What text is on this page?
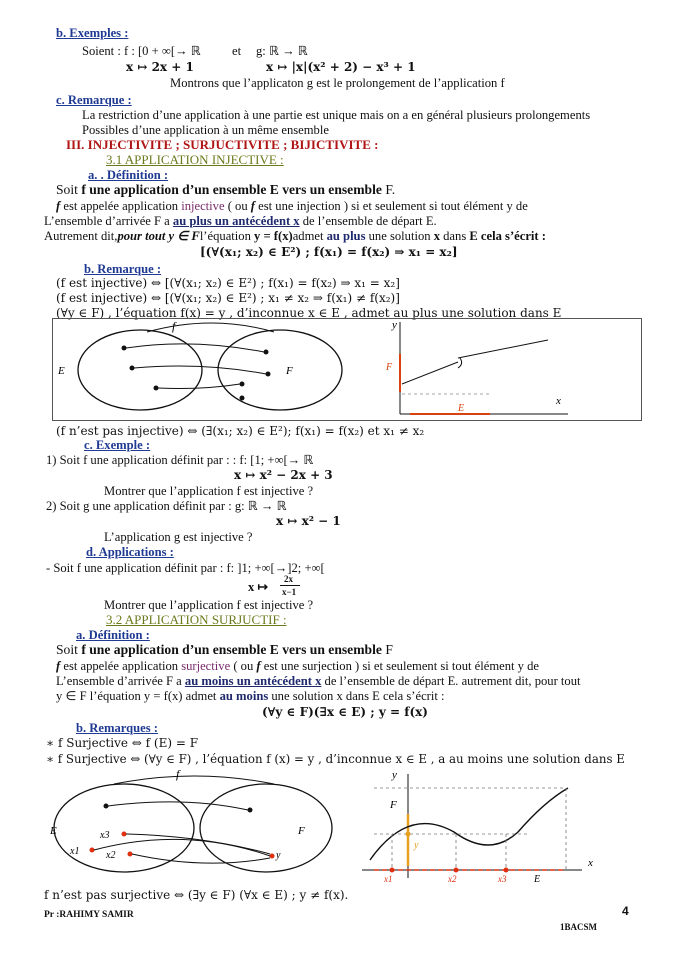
b. Exemples :
Soient : f : [0 + ∞[→ ℝ et g: ℝ → ℝ
x ↦ 2x + 1	x ↦ |x|(x² + 2) − x³ + 1
Montrons que l’applicaton g est le prolongement de l’application f
c. Remarque :
La restriction d’une application à une partie est unique mais on a en général plusieurs prolongements
Possibles d’une application à un même ensemble
III. INJECTIVITE ; SURJUCTIVITE ; BIJICTIVITE :
3.1 APPLICATION INJECTIVE :
a. . Définition :
Soit f une application d’un ensemble E vers un ensemble F.
f est appelée application injective ( ou f est une injection ) si et seulement si tout élément y de
L’ensemble d’arrivée F a au plus un antécédent x de l’ensemble de départ E.
Autrement dit,pour tout y ∈ Fl’équation y = f(x)admet au plus une solution x dans E cela s’écrit :
[(∀(x₁; x₂) ∈ E²) ; f(x₁) = f(x₂) ⇒ x₁ = x₂]
b. Remarque :
(f est injective) ⇔ [(∀(x₁; x₂) ∈ E²) ; f(x₁) = f(x₂) ⇒ x₁ = x₂]
(f est injective) ⇔ [(∀(x₁; x₂) ∈ E²) ; x₁ ≠ x₂ ⇒ f(x₁) ≠ f(x₂)]
(∀y ∈ F) , l’équation f(x) = y , d’inconnue x ∈ E , admet au plus une solution dans E
f
E	F
y
x
F
E
(f n’est pas injective) ⇔ (∃(x₁; x₂) ∈ E²); f(x₁) = f(x₂) et x₁ ≠ x₂
c. Exemple :
1) Soit f une application définit par : : f: [1; +∞[→ ℝ
x ↦ x² − 2x + 3
Montrer que l’application f est injective ?
2) Soit g une application définit par : g: ℝ → ℝ
x ↦ x² − 1
L’application g est injective ?
d. Applications :
- Soit f une application définit par : f: ]1; +∞[→]2; +∞[
x ↦
2x
x−1
Montrer que l’application f est injective ?
3.2 APPLICATION SURJUCTIF :
a. Définition :
Soit f une application d’un ensemble E vers un ensemble F
f est appelée application surjective ( ou f est une surjection ) si et seulement si tout élément y de
L’ensemble d’arrivée F a au moins un antécédent x de l’ensemble de départ E. autrement dit, pour tout
y ∈ F l’équation y = f(x) admet au moins une solution x dans E cela s’écrit :
(∀y ∈ F)(∃x ∈ E) ; y = f(x)
b. Remarques :
∗ f Surjective ⇔ f (E) = F
∗ f Surjective ⇔ (∀y ∈ F) , l’équation f (x) = y , d’inconnue x ∈ E , a au moins une solution dans E
f
E	F
x3
x1	x2	y
y
x
F
E
y
x1	x2	x3
f n’est pas surjective ⇔ (∃y ∈ F) (∀x ∈ E) ; y ≠ f(x).
Pr :RAHIMY SAMIR	4
1BACSM
